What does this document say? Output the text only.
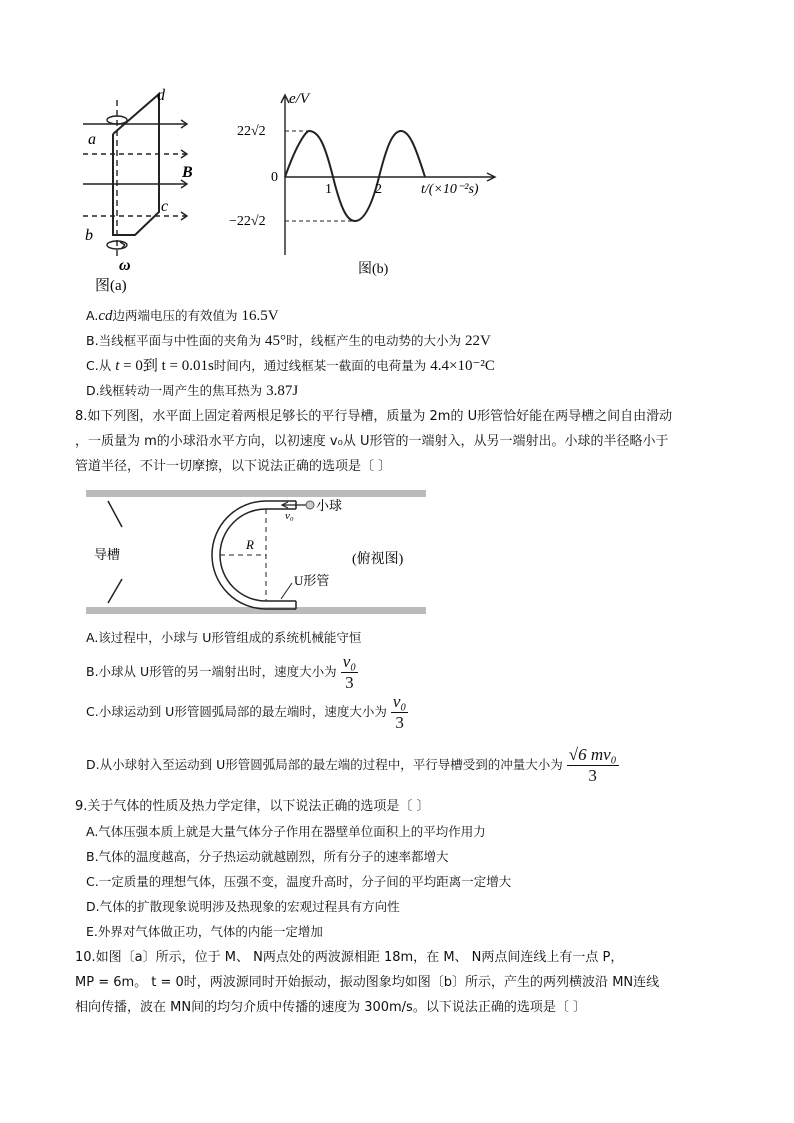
d
a
B
c
b
ω
图(a)
e/V
22√2
0
−22√2
1	2	t/(×10⁻²s)
图(b)
A.cd边两端电压的有效值为 16.5V
B.当线框平面与中性面的夹角为 45°时，线框产生的电动势的大小为 22V
C.从 t = 0到 t = 0.01s时间内，通过线框某一截面的电荷量为 4.4×10⁻²C
D.线框转动一周产生的焦耳热为 3.87J
8.如下列图，水平面上固定着两根足够长的平行导槽，质量为 2m的 U形管恰好能在两导槽之间自由滑动
，一质量为 m的小球沿水平方向，以初速度 v₀从 U形管的一端射入，从另一端射出。小球的半径略小于
管道半径，不计一切摩擦，以下说法正确的选项是〔 〕
导槽
R
v₀
小球
U形管
(俯视图)
A.该过程中，小球与 U形管组成的系统机械能守恒
B.小球从 U形管的另一端射出时，速度大小为 $\frac{\text{v₀}}{3}$
C.小球运动到 U形管圆弧局部的最左端时，速度大小为 $\frac{\text{v₀}}{3}$
D.从小球射入至运动到 U形管圆弧局部的最左端的过程中，平行导槽受到的冲量大小为 $\frac{\text{√6 mv₀}}{3}$
9.关于气体的性质及热力学定律，以下说法正确的选项是〔 〕
A.气体压强本质上就是大量气体分子作用在器壁单位面积上的平均作用力
B.气体的温度越高，分子热运动就越剧烈，所有分子的速率都增大
C.一定质量的理想气体，压强不变，温度升高时，分子间的平均距离一定增大
D.气体的扩散现象说明涉及热现象的宏观过程具有方向性
E.外界对气体做正功，气体的内能一定增加
10.如图〔a〕所示，位于 M、 N两点处的两波源相距 18m，在 M、 N两点间连线上有一点 P，
MP = 6m。 t = 0时，两波源同时开始振动，振动图象均如图〔b〕所示，产生的两列横波沿 MN连线
相向传播，波在 MN间的均匀介质中传播的速度为 300m/s。以下说法正确的选项是〔 〕
